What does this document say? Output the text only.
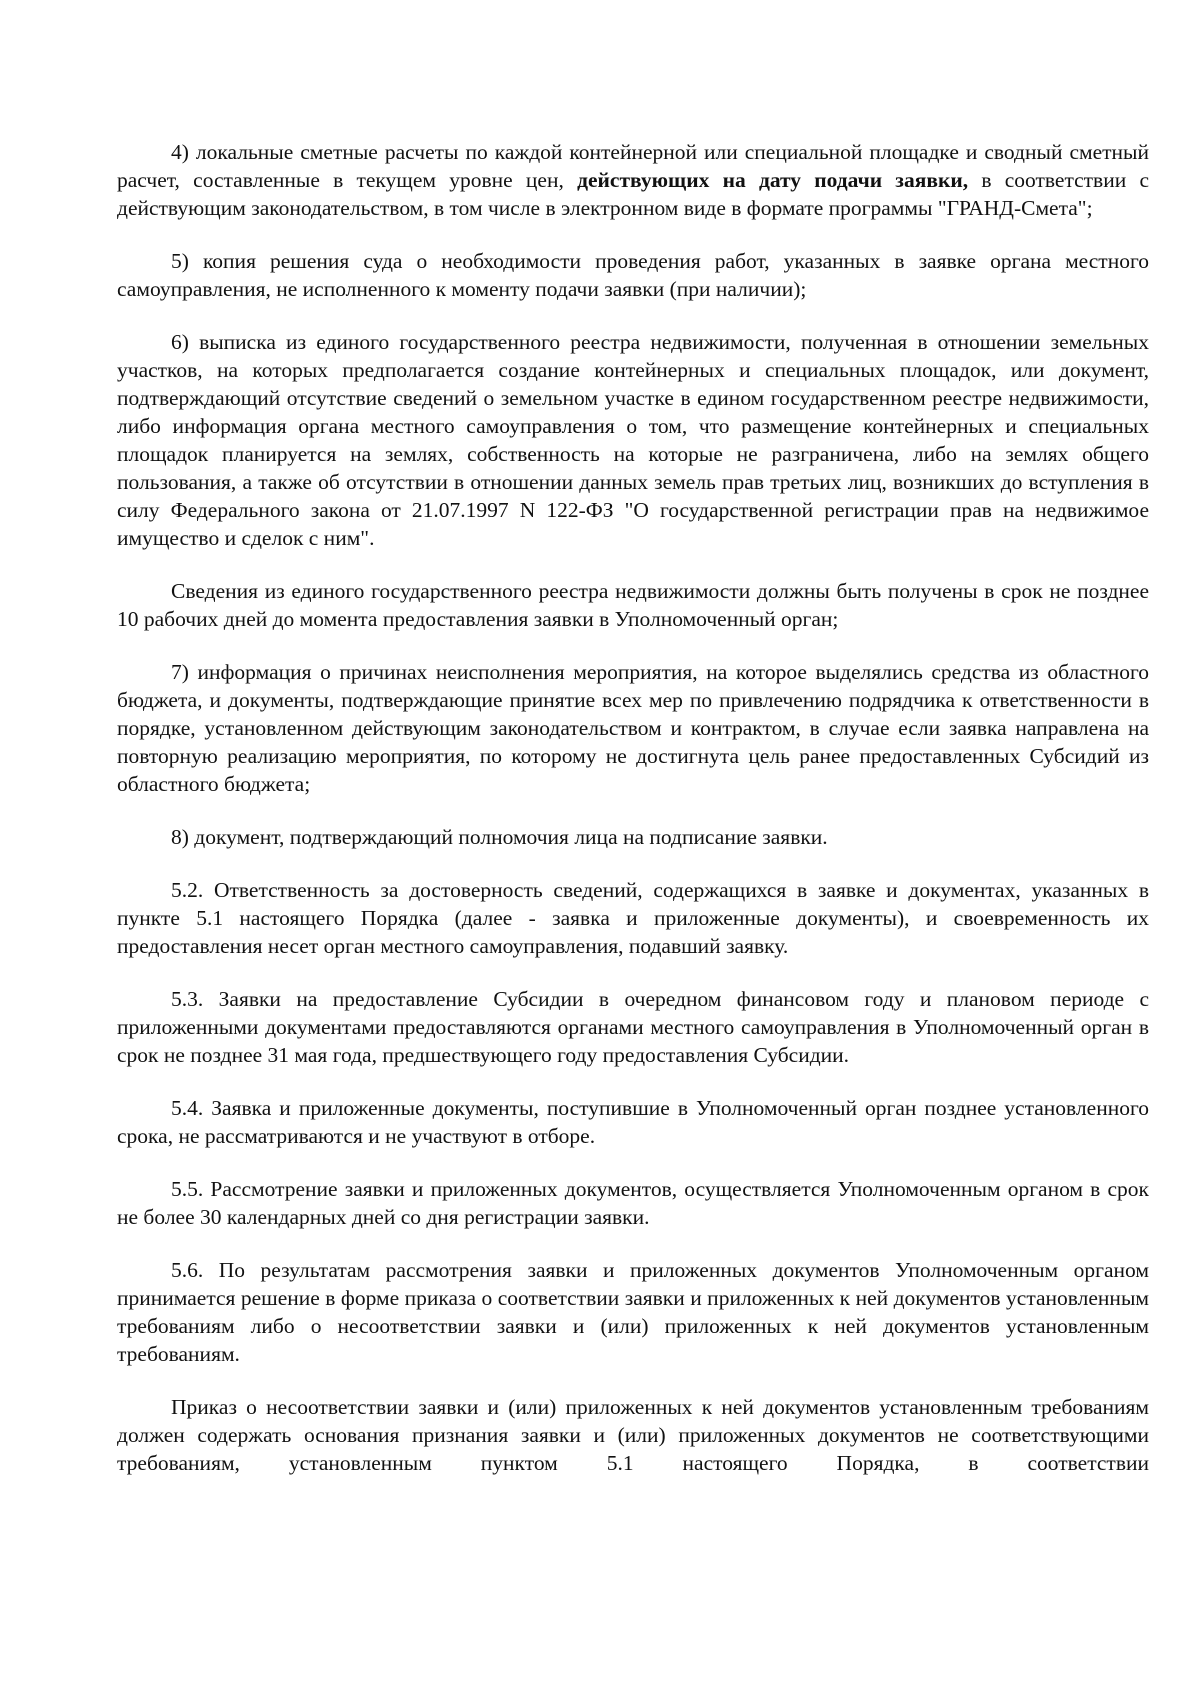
4) локальные сметные расчеты по каждой контейнерной или специальной площадке и сводный сметный расчет, составленные в текущем уровне цен, действующих на дату подачи заявки, в соответствии с действующим законодательством, в том числе в электронном виде в формате программы "ГРАНД-Смета";

5) копия решения суда о необходимости проведения работ, указанных в заявке органа местного самоуправления, не исполненного к моменту подачи заявки (при наличии);

6) выписка из единого государственного реестра недвижимости, полученная в отношении земельных участков, на которых предполагается создание контейнерных и специальных площадок, или документ, подтверждающий отсутствие сведений о земельном участке в едином государственном реестре недвижимости, либо информация органа местного самоуправления о том, что размещение контейнерных и специальных площадок планируется на землях, собственность на которые не разграничена, либо на землях общего пользования, а также об отсутствии в отношении данных земель прав третьих лиц, возникших до вступления в силу Федерального закона от 21.07.1997 N 122-ФЗ "О государственной регистрации прав на недвижимое имущество и сделок с ним".

Сведения из единого государственного реестра недвижимости должны быть получены в срок не позднее 10 рабочих дней до момента предоставления заявки в Уполномоченный орган;

7) информация о причинах неисполнения мероприятия, на которое выделялись средства из областного бюджета, и документы, подтверждающие принятие всех мер по привлечению подрядчика к ответственности в порядке, установленном действующим законодательством и контрактом, в случае если заявка направлена на повторную реализацию мероприятия, по которому не достигнута цель ранее предоставленных Субсидий из областного бюджета;

8) документ, подтверждающий полномочия лица на подписание заявки.

5.2. Ответственность за достоверность сведений, содержащихся в заявке и документах, указанных в пункте 5.1 настоящего Порядка (далее - заявка и приложенные документы), и своевременность их предоставления несет орган местного самоуправления, подавший заявку.

5.3. Заявки на предоставление Субсидии в очередном финансовом году и плановом периоде с приложенными документами предоставляются органами местного самоуправления в Уполномоченный орган в срок не позднее 31 мая года, предшествующего году предоставления Субсидии.

5.4. Заявка и приложенные документы, поступившие в Уполномоченный орган позднее установленного срока, не рассматриваются и не участвуют в отборе.

5.5. Рассмотрение заявки и приложенных документов, осуществляется Уполномоченным органом в срок не более 30 календарных дней со дня регистрации заявки.

5.6. По результатам рассмотрения заявки и приложенных документов Уполномоченным органом принимается решение в форме приказа о соответствии заявки и приложенных к ней документов установленным требованиям либо о несоответствии заявки и (или) приложенных к ней документов установленным требованиям.

Приказ о несоответствии заявки и (или) приложенных к ней документов установленным требованиям должен содержать основания признания заявки и (или) приложенных документов не соответствующими требованиям, установленным пунктом 5.1 настоящего Порядка, в соответствии
